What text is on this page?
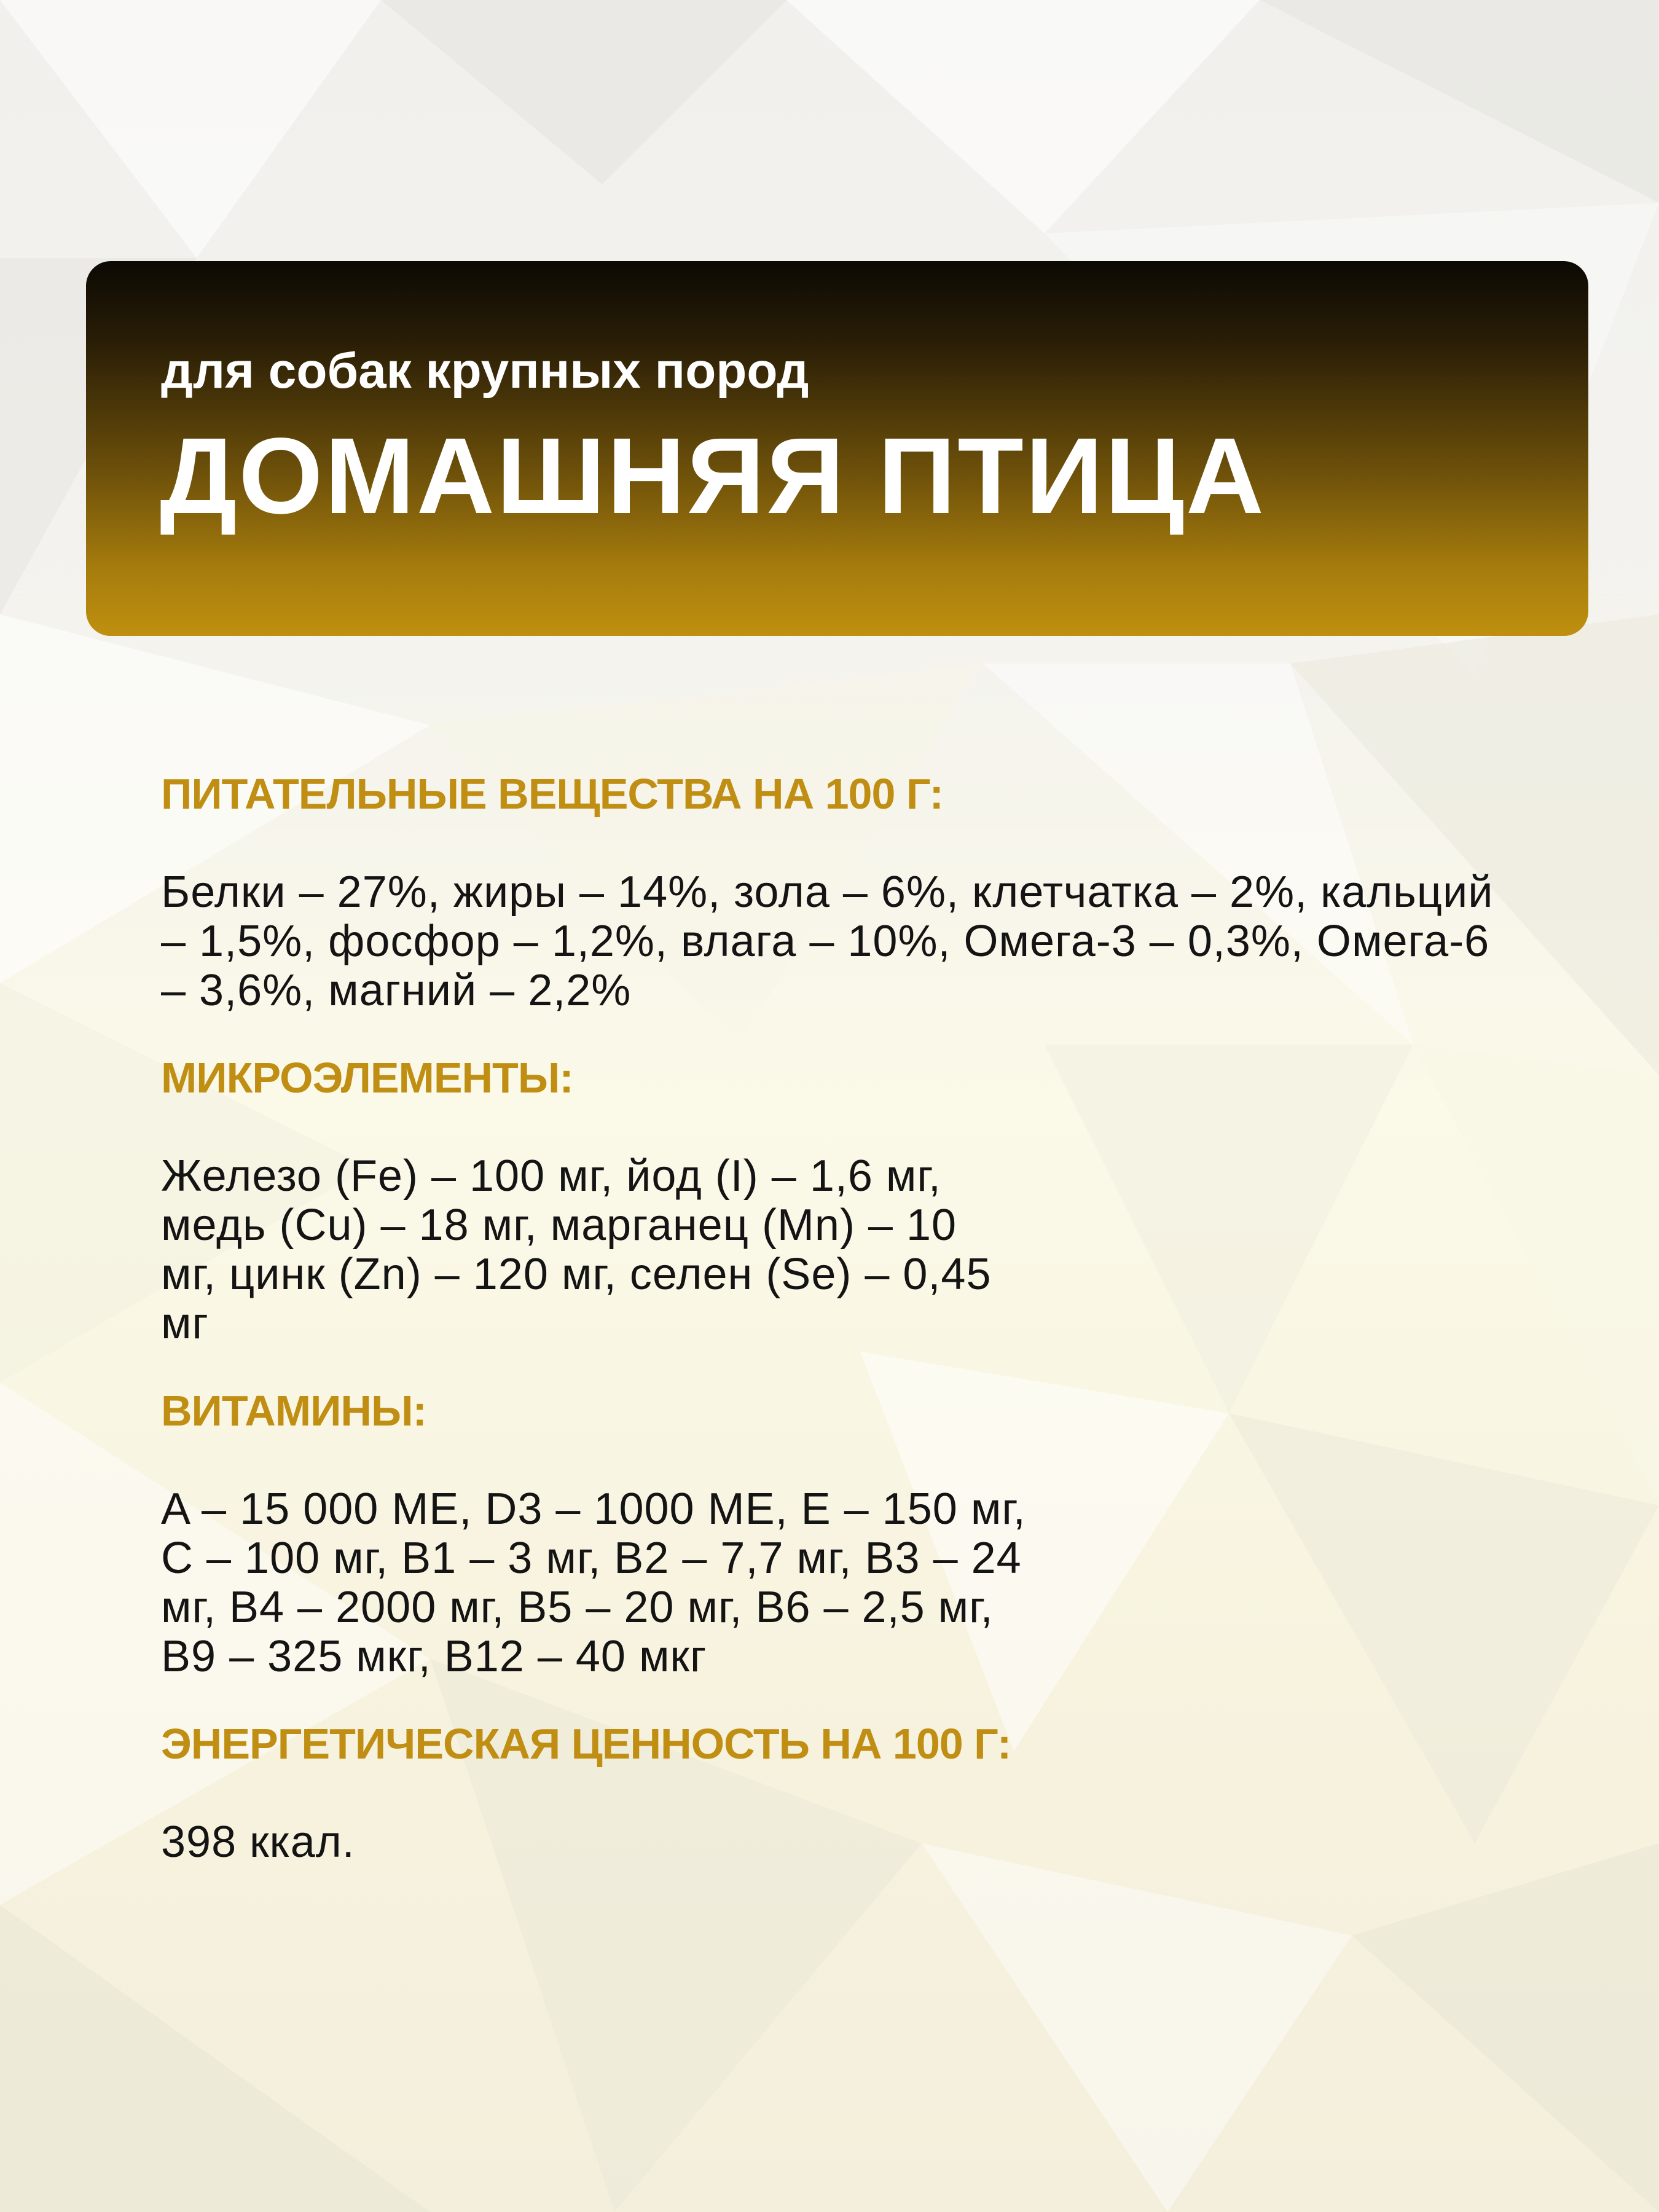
для собак крупных пород

ДОМАШНЯЯ ПТИЦА
ПИТАТЕЛЬНЫЕ ВЕЩЕСТВА НА 100 Г:

Белки – 27%, жиры – 14%, зола – 6%, клетчатка – 2%, кальций – 1,5%, фосфор – 1,2%, влага – 10%, Омега-3 – 0,3%, Омега-6 – 3,6%, магний – 2,2%

МИКРОЭЛЕМЕНТЫ:

Железо (Fe) – 100 мг, йод (I) – 1,6 мг, медь (Cu) – 18 мг, марганец (Mn) – 10 мг, цинк (Zn) – 120 мг, селен (Se) – 0,45 мг

ВИТАМИНЫ:

A – 15 000 МЕ, D3 – 1000 МЕ, E – 150 мг, C – 100 мг, B1 – 3 мг, B2 – 7,7 мг, B3 – 24 мг, B4 – 2000 мг, B5 – 20 мг, B6 – 2,5 мг, B9 – 325 мкг, B12 – 40 мкг

ЭНЕРГЕТИЧЕСКАЯ ЦЕННОСТЬ НА 100 Г:

398 ккал.
